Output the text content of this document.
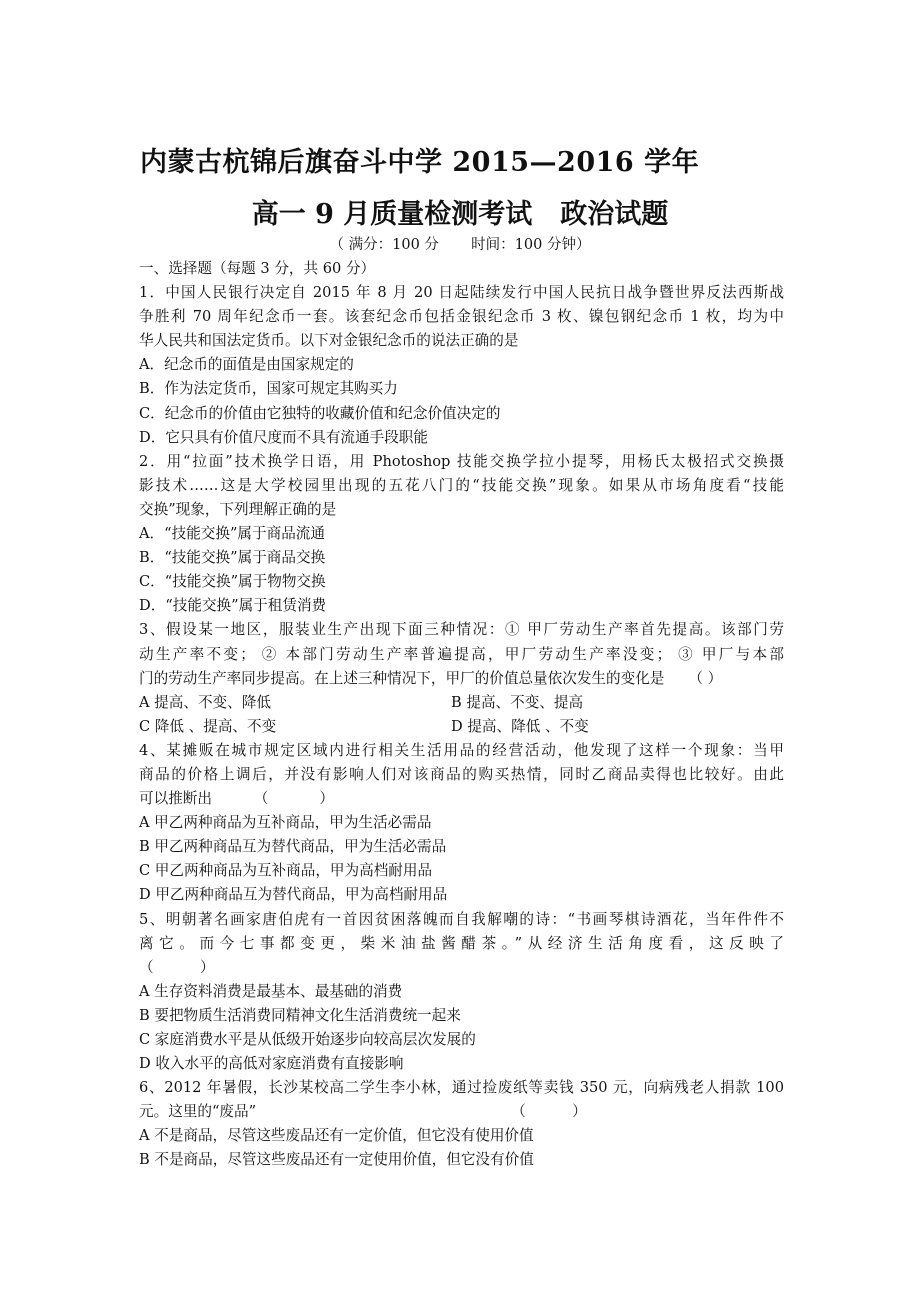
内蒙古杭锦后旗奋斗中学 2015—2016 学年
高一 9 月质量检测考试 政治试题
（ 满分：100 分       时间：100 分钟）
一、选择题（每题 3 分，共 60 分）
1．中国人民银行决定自 2015 年 8 月 20 日起陆续发行中国人民抗日战争暨世界反法西斯战
争胜利 70 周年纪念币一套。该套纪念币包括金银纪念币 3 枚、镍包钢纪念币 1 枚，均为中
华人民共和国法定货币。以下对金银纪念币的说法正确的是
A．纪念币的面值是由国家规定的
B．作为法定货币，国家可规定其购买力
C．纪念币的价值由它独特的收藏价值和纪念价值决定的
D．它只具有价值尺度而不具有流通手段职能
2．用“拉面”技术换学日语，用 Photoshop 技能交换学拉小提琴，用杨氏太极招式交换摄
影技术……这是大学校园里出现的五花八门的“技能交换”现象。如果从市场角度看“技能
交换”现象，下列理解正确的是
A．“技能交换”属于商品流通
B．“技能交换”属于商品交换
C．“技能交换”属于物物交换
D．“技能交换”属于租赁消费
3、假设某一地区，服装业生产出现下面三种情况：① 甲厂劳动生产率首先提高。该部门劳
动生产率不变； ② 本部门劳动生产率普遍提高，甲厂劳动生产率没变； ③ 甲厂与本部
门的劳动生产率同步提高。在上述三种情况下，甲厂的价值总量依次发生的变化是 （ ）
A 提高、不变、降低	B 提高、不变、提高
C 降低 、提高、不变	D 提高、降低 、不变
4、某摊贩在城市规定区域内进行相关生活用品的经营活动，他发现了这样一个现象：当甲
商品的价格上调后，并没有影响人们对该商品的购买热情，同时乙商品卖得也比较好。由此
可以推断出         （           ）
A 甲乙两种商品为互补商品，甲为生活必需品
B 甲乙两种商品互为替代商品，甲为生活必需品
C 甲乙两种商品为互补商品，甲为高档耐用品
D 甲乙两种商品互为替代商品，甲为高档耐用品
5、明朝著名画家唐伯虎有一首因贫困落魄而自我解嘲的诗：“书画琴棋诗酒花，当年件件不
离它。而今七事都变更，柴米油盐酱醋茶。”从经济生活角度看，这反映了
（          ）
A 生存资料消费是最基本、最基础的消费
B 要把物质生活消费同精神文化生活消费统一起来
C 家庭消费水平是从低级开始逐步向较高层次发展的
D 收入水平的高低对家庭消费有直接影响
6、2012 年暑假，长沙某校高二学生李小林，通过捡废纸等卖钱 350 元，向病残老人捐款 100
元。这里的“废品”	（          ）
A 不是商品，尽管这些废品还有一定价值，但它没有使用价值
B 不是商品，尽管这些废品还有一定使用价值，但它没有价值
